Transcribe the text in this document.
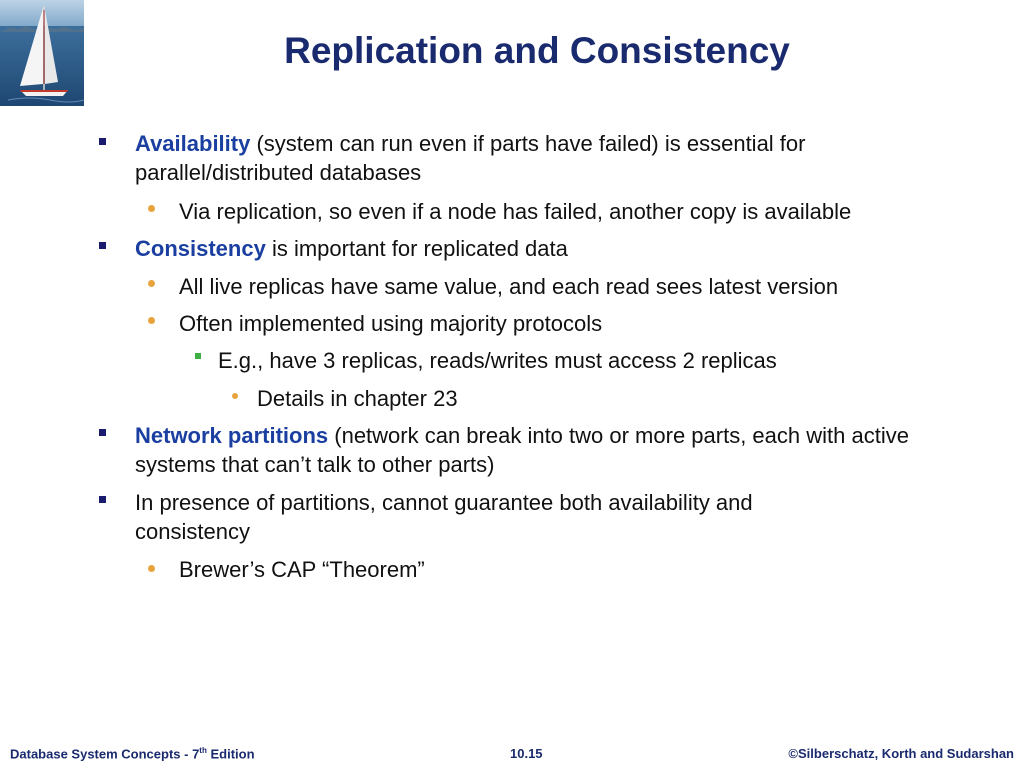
Replication and Consistency
Availability (system can run even if parts have failed) is essential for parallel/distributed databases
Via replication, so even if a node has failed, another copy is available
Consistency is important for replicated data
All live replicas have same value, and each read sees latest version
Often implemented using majority protocols
E.g., have 3 replicas, reads/writes must access 2 replicas
Details in chapter 23
Network partitions (network can break into two or more parts, each with active systems that can’t talk to other parts)
In presence of partitions, cannot guarantee both availability and consistency
Brewer’s CAP “Theorem”
Database System Concepts - 7th Edition	10.15	©Silberschatz, Korth and Sudarshan
